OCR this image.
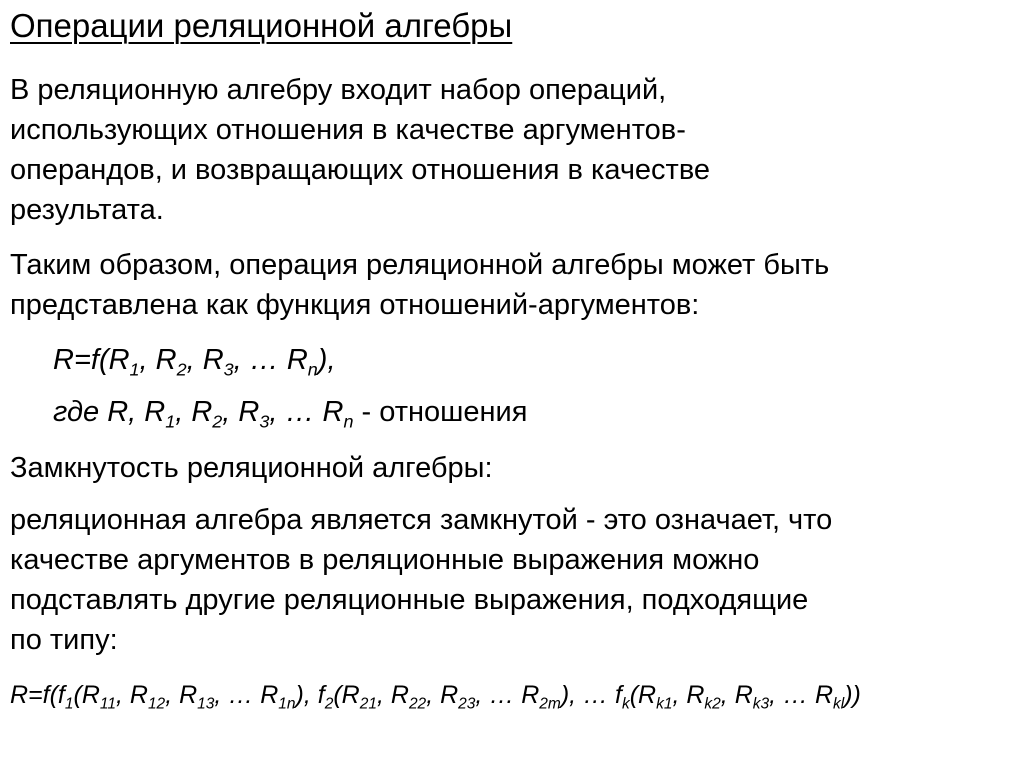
Операции реляционной алгебры
В реляционную алгебру входит набор операций,
использующих отношения в качестве аргументов-
операндов, и возвращающих отношения в качестве
результата.
Таким образом, операция реляционной алгебры может быть
представлена как функция отношений-аргументов:
$R=f(R_1$, $R_2$, $R_3$, … $R_n$),
где R, $R_1$, $R_2$, $R_3$, … $R_n$ - отношения
Замкнутость реляционной алгебры:
реляционная алгебра является замкнутой - это означает, что
качестве аргументов в реляционные выражения можно
подставлять другие реляционные выражения, подходящие
по типу:
$R=f(f_1(R_{11}$, $R_{12}$, $R_{13}$, … $R_{1n}$), $f_2(R_{21}$, $R_{22}$, $R_{23}$, … $R_{2m}$), … $f_k(R_{k1}$, $R_{k2}$, $R_{k3}$, … $R_{kl}$))
